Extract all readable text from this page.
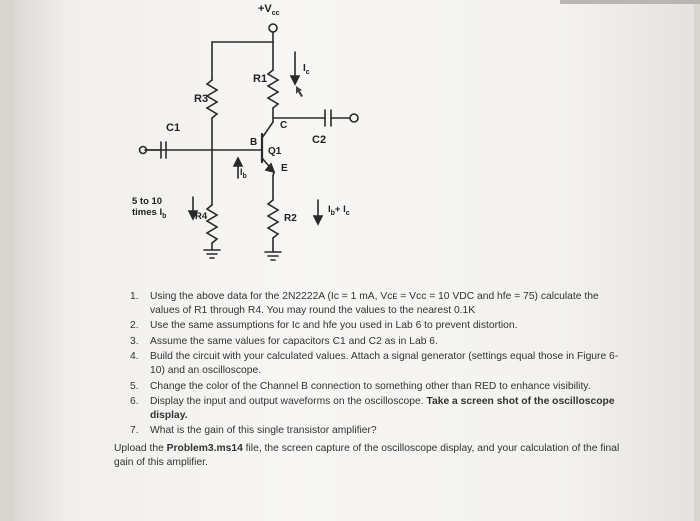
$+V_{cc}$
R1
R3
$I_c$
C1	C
C2
B
Q1
$I_b$
E
5 to 10
times $I_b$	R4	R2
$I_b+ I_c$
1.	Using the above data for the 2N2222A (Iᴄ = 1 mA, Vᴄᴇ = Vᴄᴄ = 10 VDC and hfe = 75) calculate the values of R1 through R4. You may round the values to the nearest 0.1K
2.	Use the same assumptions for Iᴄ and hfe you used in Lab 6 to prevent distortion.
3.	Assume the same values for capacitors C1 and C2 as in Lab 6.
4.	Build the circuit with your calculated values. Attach a signal generator (settings equal those in Figure 6-10) and an oscilloscope.
5.	Change the color of the Channel B connection to something other than RED to enhance visibility.
6.	Display the input and output waveforms on the oscilloscope. Take a screen shot of the oscilloscope display.
7.	What is the gain of this single transistor amplifier?

Upload the Problem3.ms14 file, the screen capture of the oscilloscope display, and your calculation of the final gain of this amplifier.
